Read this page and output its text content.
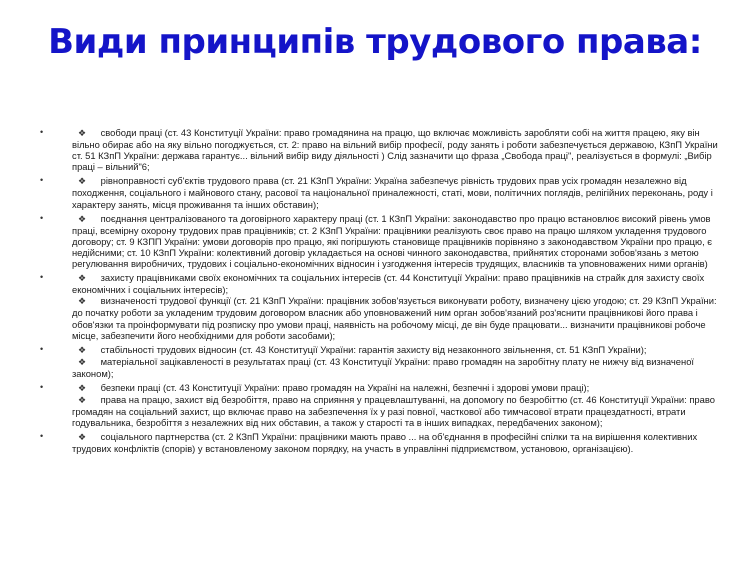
Види принципів трудового права:

•	❖ свободи праці (ст. 43 Конституції України: право громадянина на працю, що включає можливість заробляти собі на життя працею, яку він вільно обирає або на яку вільно погоджується, ст. 2: право на вільний вибір професії, роду занять і роботи забезпечується державою, КЗпП України ст. 51 КЗпП України: держава гарантує... вільний вибір виду діяльності ) Слід зазначити що фраза „Свобода праці", реалізується в формулі: „Вибір праці – вільний"6;

•	❖ рівноправності суб'єктів трудового права (ст. 21 КЗпП України: Україна забезпечує рівність трудових прав усіх громадян незалежно від походження, соціального і майнового стану, расової та національної приналежності, статі, мови, політичних поглядів, релігійних переконань, роду і характеру занять, місця проживання та інших обставин);

•	❖ поєднання централізованого та договірного характеру праці (ст. 1 КЗпП України: законодавство про працю встановлює високий рівень умов праці, всемірну охорону трудових прав працівників; ст. 2 КЗпП України: працівники реалізують своє право на працю шляхом укладення трудового договору; ст. 9 КЗПП України: умови договорів про працю, які погіршують становище працівників порівняно з законодавством України про працю, є недійсними; ст. 10 КЗпП України: колективний договір укладається на основі чинного законодавства, прийнятих сторонами зобов'язань з метою регулювання виробничих, трудових і соціально-економічних відносин і узгодження інтересів трудящих, власників та уповноважених ними органів)

•	❖ захисту працівниками своїх економічних та соціальних інтересів (ст. 44 Конституції України: право працівників на страйк для захисту своїх економічних і соціальних інтересів);

❖ визначеності трудової функції (ст. 21 КЗпП України: працівник зобов'язується виконувати роботу, визначену цією угодою; ст. 29 КЗпП України: до початку роботи за укладеним трудовим договором власник або уповноважений ним орган зобов'язаний роз'яснити працівникові його права і обов'язки та проінформувати під розписку про умови праці, наявність на робочому місці, де він буде працювати... визначити працівникові робоче місце, забезпечити його необхідними для роботи засобами);

•	❖ стабільності трудових відносин (ст. 43 Конституції України: гарантія захисту від незаконного звільнення, ст. 51 КЗпП України);

❖ матеріальної зацікавленості в результатах праці (ст. 43 Конституції України: право громадян на заробітну плату не нижчу від визначеної законом);

•	❖ безпеки праці (ст. 43 Конституції України: право громадян на Україні на належні, безпечні і здорові умови праці);

❖ права на працю, захист від безробіття, право на сприяння у працевлаштуванні, на допомогу по безробіттю (ст. 46 Конституції України: право громадян на соціальний захист, що включає право на забезпечення їх у разі повної, часткової або тимчасової втрати працездатності, втрати годувальника, безробіття з незалежних від них обставин, а також у старості та в інших випадках, передбачених законом);

•	❖ соціального партнерства (ст. 2 КЗпП України: працівники мають право ... на об'єднання в професійні спілки та на вирішення колективних трудових конфліктів (спорів) у встановленому законом порядку, на участь в управлінні підприємством, установою, організацією).
